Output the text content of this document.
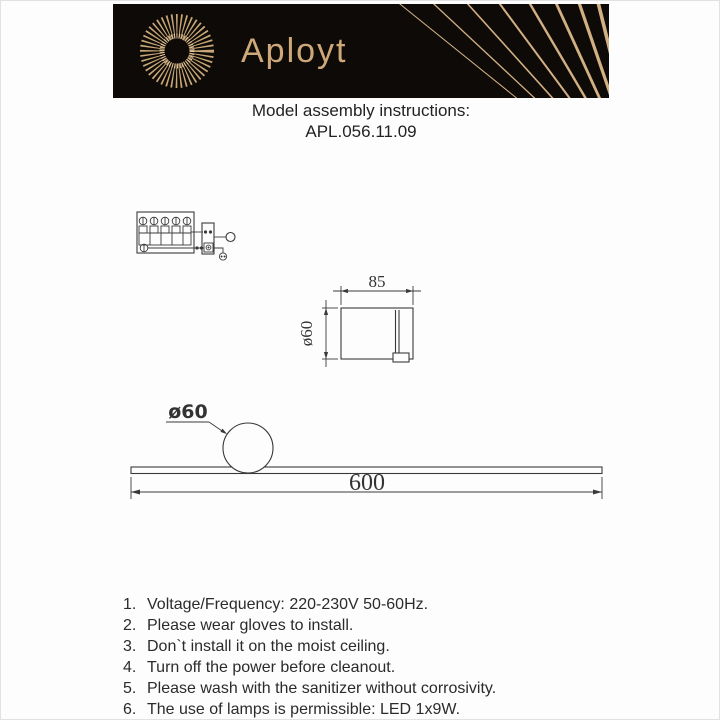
Aployt
Model assembly instructions:
APL.056.11.09
85
ø60
ø60
600
1. Voltage/Frequency: 220-230V 50-60Hz.
2. Please wear gloves to install.
3. Don`t install it on the moist ceiling.
4. Turn off the power before cleanout.
5. Please wash with the sanitizer without corrosivity.
6. The use of lamps is permissible: LED 1x9W.
